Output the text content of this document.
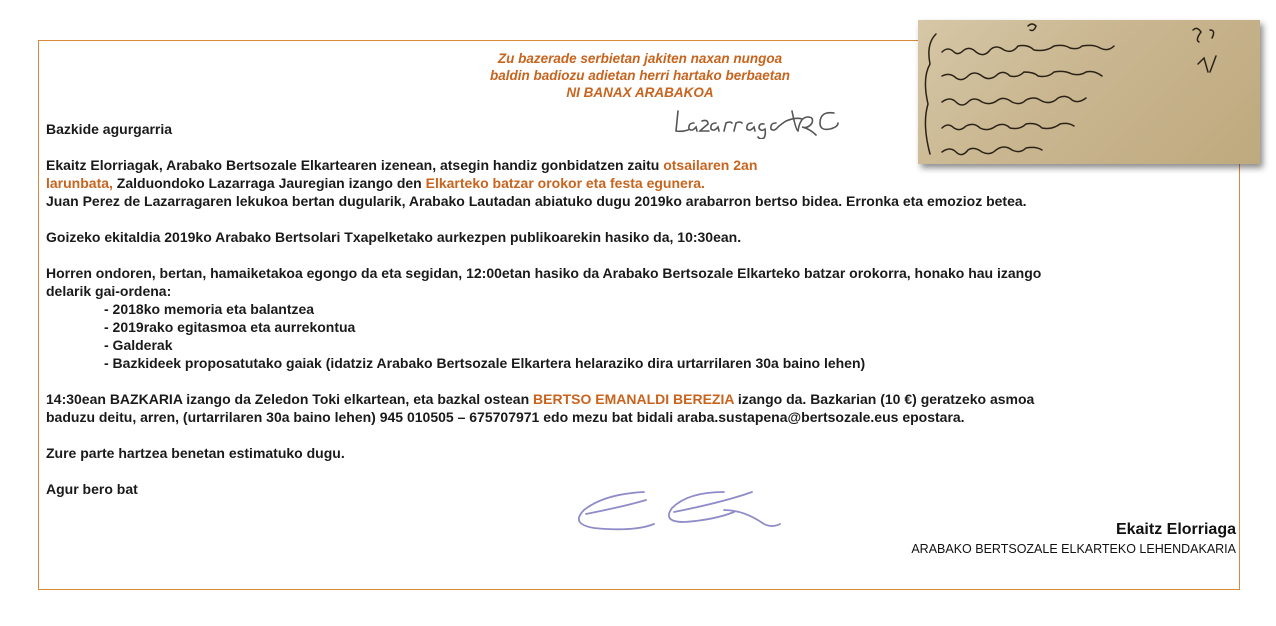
Zu bazerade serbietan jakiten naxan nungoa
baldin badiozu adietan herri hartako berbaetan
NI BANAX ARABAKOA
Bazkide agurgarria
Ekaitz Elorriagak, Arabako Bertsozale Elkartearen izenean, atsegin handiz gonbidatzen zaitu otsailaren 2an
larunbata, Zalduondoko Lazarraga Jauregian izango den Elkarteko batzar orokor eta festa egunera.
Juan Perez de Lazarragaren lekukoa bertan dugularik, Arabako Lautadan abiatuko dugu 2019ko arabarron bertso bidea. Erronka eta emozioz betea.
Goizeko ekitaldia 2019ko Arabako Bertsolari Txapelketako aurkezpen publikoarekin hasiko da, 10:30ean.
Horren ondoren, bertan, hamaiketakoa egongo da eta segidan, 12:00etan hasiko da Arabako Bertsozale Elkarteko batzar orokorra, honako hau izango
delarik gai-ordena:
- 2018ko memoria eta balantzea
- 2019rako egitasmoa eta aurrekontua
- Galderak
- Bazkideek proposatutako gaiak (idatziz Arabako Bertsozale Elkartera helaraziko dira urtarrilaren 30a baino lehen)
14:30ean BAZKARIA izango da Zeledon Toki elkartean, eta bazkal ostean BERTSO EMANALDI BEREZIA izango da. Bazkarian (10 €) geratzeko asmoa
baduzu deitu, arren, (urtarrilaren 30a baino lehen) 945 010505 – 675707971 edo mezu bat bidali araba.sustapena@bertsozale.eus epostara.
Zure parte hartzea benetan estimatuko dugu.
Agur bero bat
Ekaitz Elorriaga
ARABAKO BERTSOZALE ELKARTEKO LEHENDAKARIA
